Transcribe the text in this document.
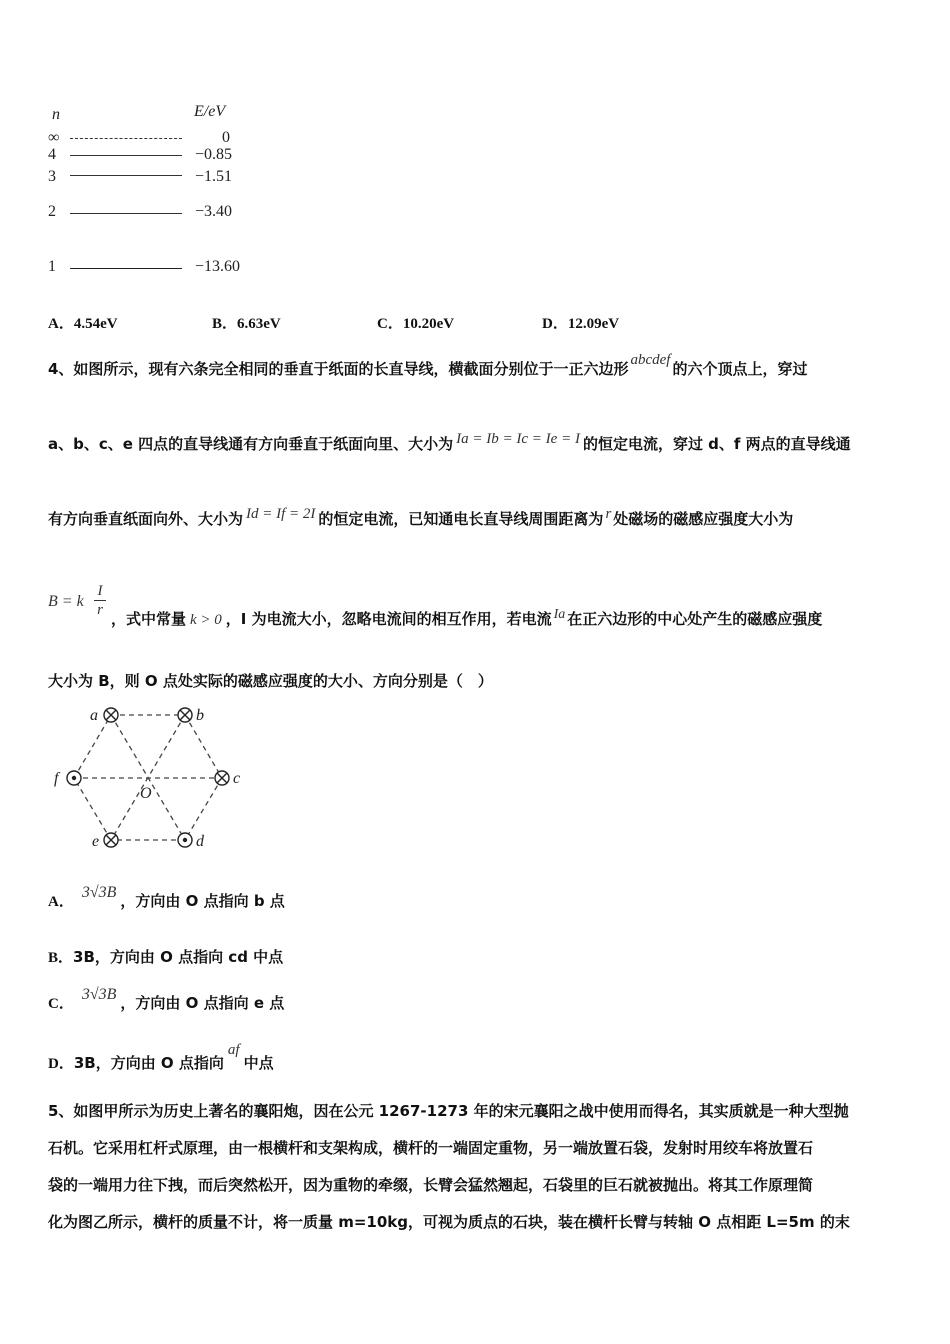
n	E/eV
∞	0
4	−0.85
3	−1.51
2	−3.40
1	−13.60
A．4.54eV	B．6.63eV	C．10.20eV	D．12.09eV
4、如图所示，现有六条完全相同的垂直于纸面的长直导线，横截面分别位于一正六边形 abcdef 的六个顶点上，穿过
a、b、c、e 四点的直导线通有方向垂直于纸面向里、大小为 Ia = Ib = Ic = Ie = I 的恒定电流，穿过 d、f 两点的直导线通
有方向垂直纸面向外、大小为 Id = If = 2I 的恒定电流，已知通电长直导线周围距离为 r 处磁场的磁感应强度大小为
B = k $\frac{I}{r}$ ，式中常量 k > 0 ，I 为电流大小，忽略电流间的相互作用，若电流 Ia 在正六边形的中心处产生的磁感应强度
大小为 B，则 O 点处实际的磁感应强度的大小、方向分别是（　）
a	b
c
d
e
f
O
A．3√3B ，方向由 O 点指向 b 点
B．3B，方向由 O 点指向 cd 中点
C．3√3B ，方向由 O 点指向 e 点
D．3B，方向由 O 点指向af中点
5、如图甲所示为历史上著名的襄阳炮，因在公元 1267-1273 年的宋元襄阳之战中使用而得名，其实质就是一种大型抛
石机。它采用杠杆式原理，由一根横杆和支架构成，横杆的一端固定重物，另一端放置石袋，发射时用绞车将放置石
袋的一端用力往下拽，而后突然松开，因为重物的牵缀，长臂会猛然翘起，石袋里的巨石就被抛出。将其工作原理简
化为图乙所示，横杆的质量不计，将一质量 m=10kg，可视为质点的石块，装在横杆长臂与转轴 O 点相距 L=5m 的末
